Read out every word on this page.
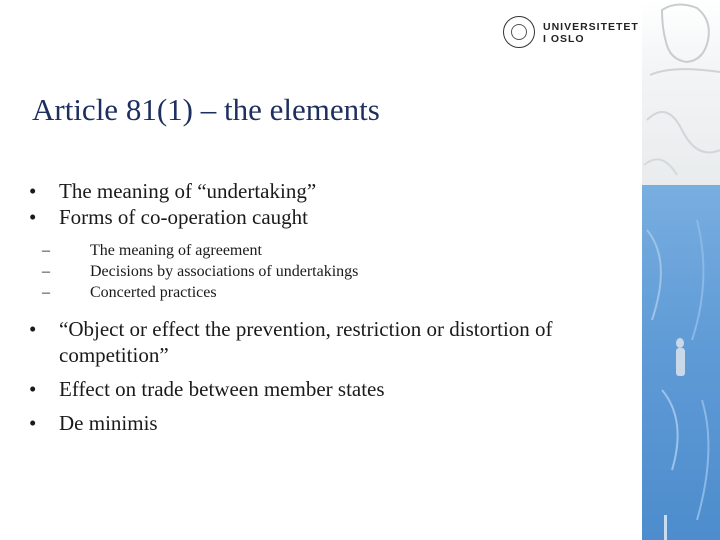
UNIVERSITETET
I OSLO
Article 81(1) – the elements

• The meaning of “undertaking”

• Forms of co-operation caught

–	The meaning of agreement

–	Decisions by associations of undertakings

–	Concerted practices

• “Object or effect the prevention, restriction or distortion of competition”

• Effect on trade between member states

• De minimis
